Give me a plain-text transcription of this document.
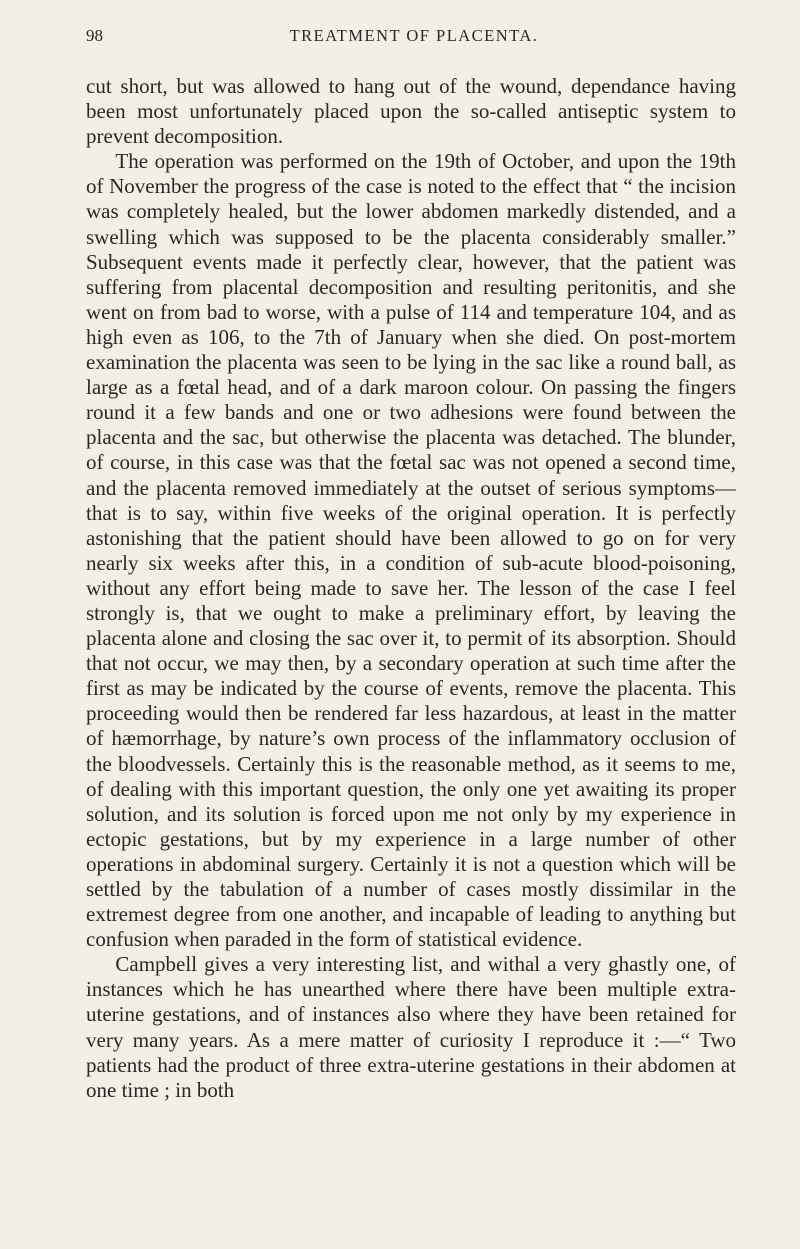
98	TREATMENT OF PLACENTA.

cut short, but was allowed to hang out of the wound, dependance having been most unfortunately placed upon the so-called antiseptic system to prevent decomposition.

The operation was performed on the 19th of October, and upon the 19th of November the progress of the case is noted to the effect that “ the incision was completely healed, but the lower abdomen markedly distended, and a swelling which was supposed to be the placenta considerably smaller.” Subsequent events made it perfectly clear, however, that the patient was suffering from placental decomposition and resulting peritonitis, and she went on from bad to worse, with a pulse of 114 and temperature 104, and as high even as 106, to the 7th of January when she died. On post-mortem examination the placenta was seen to be lying in the sac like a round ball, as large as a fœtal head, and of a dark maroon colour. On passing the fingers round it a few bands and one or two adhesions were found between the placenta and the sac, but otherwise the placenta was detached. The blunder, of course, in this case was that the fœtal sac was not opened a second time, and the placenta removed immediately at the outset of serious symptoms—that is to say, within five weeks of the original operation. It is perfectly astonishing that the patient should have been allowed to go on for very nearly six weeks after this, in a condition of sub-acute blood-poisoning, without any effort being made to save her. The lesson of the case I feel strongly is, that we ought to make a preliminary effort, by leaving the placenta alone and closing the sac over it, to permit of its absorption. Should that not occur, we may then, by a secondary operation at such time after the first as may be indicated by the course of events, remove the placenta. This proceeding would then be rendered far less hazardous, at least in the matter of hæmorrhage, by nature’s own process of the inflammatory occlusion of the bloodvessels. Certainly this is the reasonable method, as it seems to me, of dealing with this important question, the only one yet awaiting its proper solution, and its solution is forced upon me not only by my experience in ectopic gestations, but by my experience in a large number of other operations in abdominal surgery. Certainly it is not a question which will be settled by the tabulation of a number of cases mostly dissimilar in the extremest degree from one another, and incapable of leading to anything but confusion when paraded in the form of statistical evidence.

Campbell gives a very interesting list, and withal a very ghastly one, of instances which he has unearthed where there have been multiple extra-uterine gestations, and of instances also where they have been retained for very many years. As a mere matter of curiosity I reproduce it :—“ Two patients had the product of three extra-uterine gestations in their abdomen at one time ; in both
